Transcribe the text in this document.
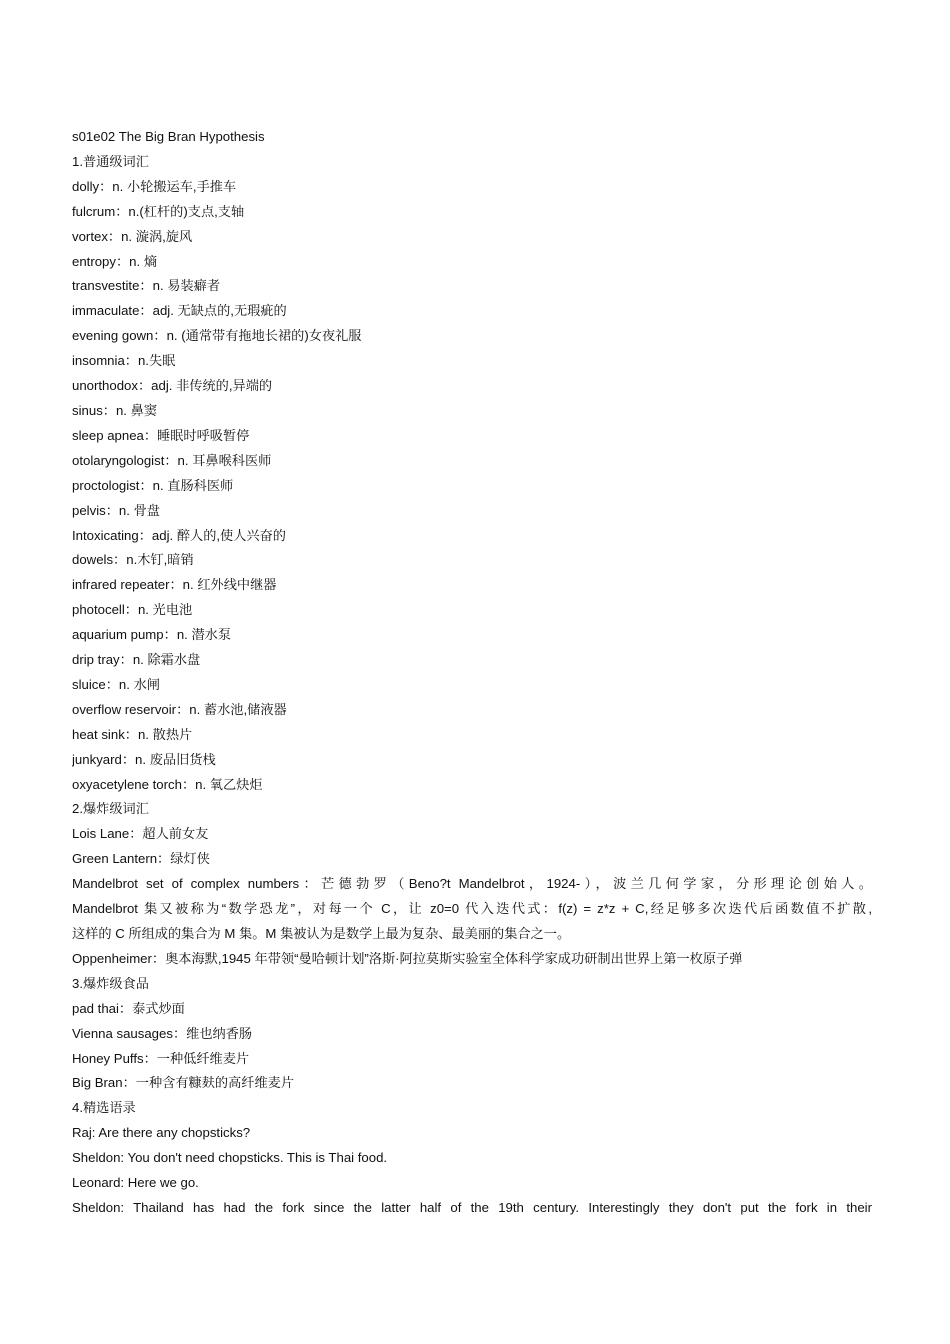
s01e02 The Big Bran Hypothesis
1.普通级词汇
dolly：n. 小轮搬运车,手推车
fulcrum：n.(杠杆的)支点,支轴
vortex：n. 漩涡,旋风
entropy：n. 熵
transvestite：n. 易装癖者
immaculate：adj. 无缺点的,无瑕疵的
evening gown：n. (通常带有拖地长裙的)女夜礼服
insomnia：n.失眠
unorthodox：adj. 非传统的,异端的
sinus：n. 鼻窦
sleep apnea：睡眠时呼吸暂停
otolaryngologist：n. 耳鼻喉科医师
proctologist：n. 直肠科医师
pelvis：n. 骨盘
Intoxicating：adj. 醉人的,使人兴奋的
dowels：n.木钉,暗销
infrared repeater：n. 红外线中继器
photocell：n. 光电池
aquarium pump：n. 潜水泵
drip tray：n. 除霜水盘
sluice：n. 水闸
overflow reservoir：n. 蓄水池,储液器
heat sink：n. 散热片
junkyard：n. 废品旧货栈
oxyacetylene torch：n. 氧乙炔炬
2.爆炸级词汇
Lois Lane：超人前女友
Green Lantern：绿灯侠
Mandelbrot set of complex numbers：芒德勃罗（Beno?t Mandelbrot，1924-），波兰几何学家，分形理论创始人。
Mandelbrot 集又被称为“数学恐龙”，对每一个 C，让 z0=0 代入迭代式：f(z) = z*z + C,经足够多次迭代后函数值不扩散,
这样的 C 所组成的集合为 M 集。M 集被认为是数学上最为复杂、最美丽的集合之一。
Oppenheimer：奥本海默,1945 年带领“曼哈顿计划”洛斯·阿拉莫斯实验室全体科学家成功研制出世界上第一枚原子弹
3.爆炸级食品
pad thai：泰式炒面
Vienna sausages：维也纳香肠
Honey Puffs：一种低纤维麦片
Big Bran：一种含有糠麸的高纤维麦片
4.精选语录
Raj: Are there any chopsticks?
Sheldon: You don't need chopsticks. This is Thai food.
Leonard: Here we go.
Sheldon: Thailand has had the fork since the latter half of the 19th century. Interestingly they don't put the fork in their
